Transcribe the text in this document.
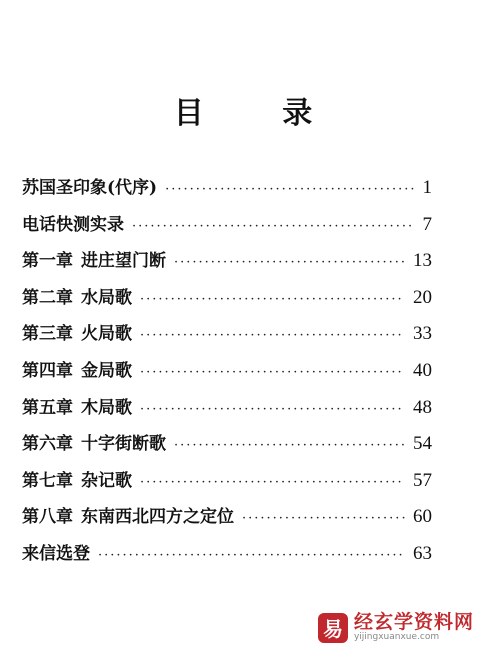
目 录
苏国圣印象(代序) ·····	1
电话快测实录 ·····	7
第一章 进庄望门断 ·····	13
第二章 水局歌 ·····	20
第三章 火局歌 ·····	33
第四章 金局歌 ·····	40
第五章 木局歌 ·····	48
第六章 十字街断歌 ·····	54
第七章 杂记歌 ·····	57
第八章 东南西北四方之定位 ·····	60
来信选登 ·····	63
易 经玄学资料网
yijingxuanxue.com
